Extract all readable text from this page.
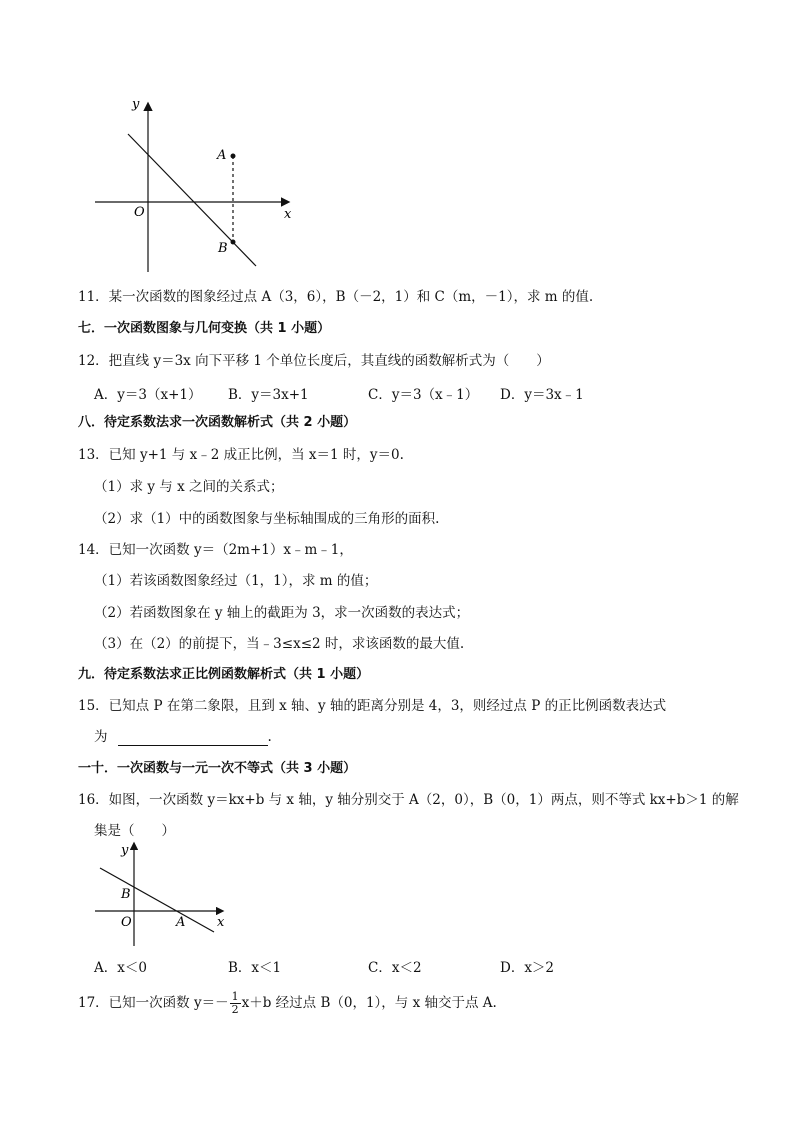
y
x
O
A
B
11．某一次函数的图象经过点 A（3，6），B（－2，1）和 C（m，－1），求 m 的值.
七．一次函数图象与几何变换（共 1 小题）
12．把直线 y＝3x 向下平移 1 个单位长度后，其直线的函数解析式为（　　）
A．y＝3（x+1） B．y＝3x+1	C．y＝3（x﹣1） D．y＝3x﹣1
八．待定系数法求一次函数解析式（共 2 小题）
13．已知 y+1 与 x﹣2 成正比例，当 x＝1 时，y＝0.
（1）求 y 与 x 之间的关系式；
（2）求（1）中的函数图象与坐标轴围成的三角形的面积.
14．已知一次函数 y＝（2m+1）x﹣m﹣1，
（1）若该函数图象经过（1，1），求 m 的值；
（2）若函数图象在 y 轴上的截距为 3，求一次函数的表达式；
（3）在（2）的前提下，当﹣3≤x≤2 时，求该函数的最大值.
九．待定系数法求正比例函数解析式（共 1 小题）
15．已知点 P 在第二象限，且到 x 轴、y 轴的距离分别是 4，3，则经过点 P 的正比例函数表达式
为	.
一十．一次函数与一元一次不等式（共 3 小题）
16．如图，一次函数 y＝kx+b 与 x 轴，y 轴分别交于 A（2，0），B（0，1）两点，则不等式 kx+b＞1 的解
集是（　　）
y
x
O
B
A
A．x＜0	B．x＜1	C．x＜2	D．x＞2
17．已知一次函数 $y=- \frac{1}{2} x+b$ 经过点 B（0，1），与 x 轴交于点 A.
